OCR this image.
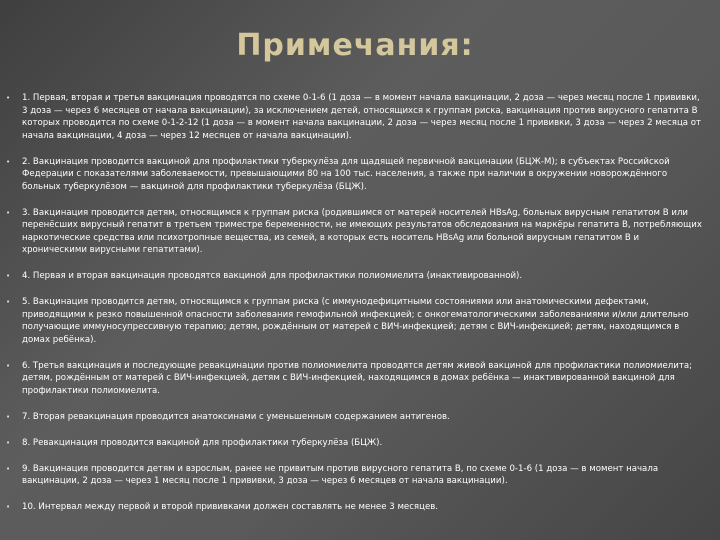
Примечания:
• 1. Первая, вторая и третья вакцинация проводятся по схеме 0-1-6 (1 доза — в момент начала вакцинации, 2 доза — через месяц после 1 прививки, 3 доза — через 6 месяцев от начала вакцинации), за исключением детей, относящихся к группам риска, вакцинация против вирусного гепатита В которых проводится по схеме 0-1-2-12 (1 доза — в момент начала вакцинации, 2 доза — через месяц после 1 прививки, 3 доза — через 2 месяца от начала вакцинации, 4 доза — через 12 месяцев от начала вакцинации).
• 2. Вакцинация проводится вакциной для профилактики туберкулёза для щадящей первичной вакцинации (БЦЖ-М); в субъектах Российской Федерации с показателями заболеваемости, превышающими 80 на 100 тыс. населения, а также при наличии в окружении новорождённого больных туберкулёзом — вакциной для профилактики туберкулёза (БЦЖ).
• 3. Вакцинация проводится детям, относящимся к группам риска (родившимся от матерей носителей HBsAg, больных вирусным гепатитом В или перенёсших вирусный гепатит в третьем триместре беременности, не имеющих результатов обследования на маркёры гепатита В, потребляющих наркотические средства или психотропные вещества, из семей, в которых есть носитель HBsAg или больной вирусным гепатитом В и хроническими вирусными гепатитами).
• 4. Первая и вторая вакцинация проводятся вакциной для профилактики полиомиелита (инактивированной).
• 5. Вакцинация проводится детям, относящимся к группам риска (с иммунодефицитными состояниями или анатомическими дефектами, приводящими к резко повышенной опасности заболевания гемофильной инфекцией; с онкогематологическими заболеваниями и/или длительно получающие иммуносупрессивную терапию; детям, рождённым от матерей с ВИЧ-инфекцией; детям с ВИЧ-инфекцией; детям, находящимся в домах ребёнка).
• 6. Третья вакцинация и последующие ревакцинации против полиомиелита проводятся детям живой вакциной для профилактики полиомиелита; детям, рождённым от матерей с ВИЧ-инфекцией, детям с ВИЧ-инфекцией, находящимся в домах ребёнка — инактивированной вакциной для профилактики полиомиелита.
• 7. Вторая ревакцинация проводится анатоксинами с уменьшенным содержанием антигенов.
• 8. Ревакцинация проводится вакциной для профилактики туберкулёза (БЦЖ).
• 9. Вакцинация проводится детям и взрослым, ранее не привитым против вирусного гепатита В, по схеме 0-1-6 (1 доза — в момент начала вакцинации, 2 доза — через 1 месяц после 1 прививки, 3 доза — через 6 месяцев от начала вакцинации).
• 10. Интервал между первой и второй прививками должен составлять не менее 3 месяцев.
